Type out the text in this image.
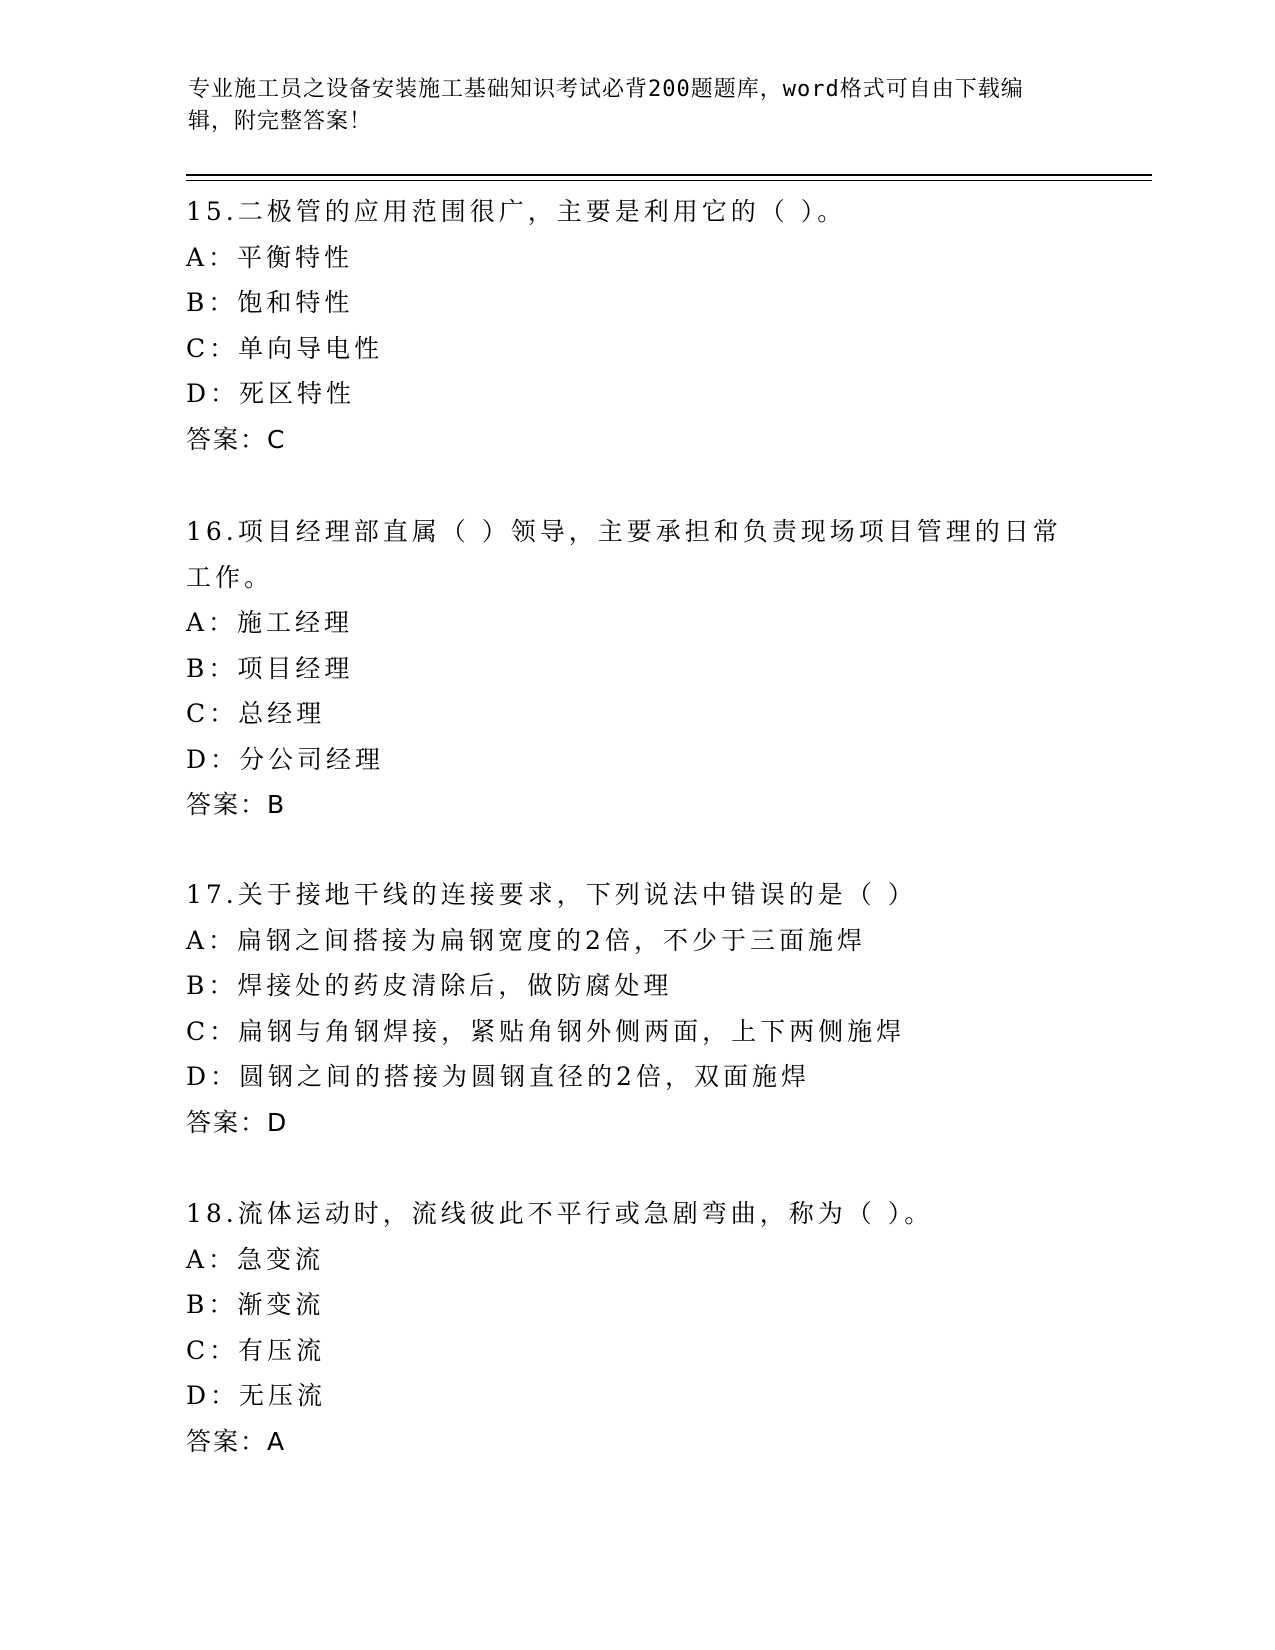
专业施工员之设备安装施工基础知识考试必背200题题库，word格式可自由下载编辑，附完整答案！
15.二极管的应用范围很广，主要是利用它的（ ）。
A：平衡特性
B：饱和特性
C：单向导电性
D：死区特性
答案：C
16.项目经理部直属（ ）领导，主要承担和负责现场项目管理的日常工作。
A：施工经理
B：项目经理
C：总经理
D：分公司经理
答案：B
17.关于接地干线的连接要求，下列说法中错误的是（ ）
A：扁钢之间搭接为扁钢宽度的2倍，不少于三面施焊
B：焊接处的药皮清除后，做防腐处理
C：扁钢与角钢焊接，紧贴角钢外侧两面，上下两侧施焊
D：圆钢之间的搭接为圆钢直径的2倍，双面施焊
答案：D
18.流体运动时，流线彼此不平行或急剧弯曲，称为（ ）。
A：急变流
B：渐变流
C：有压流
D：无压流
答案：A
